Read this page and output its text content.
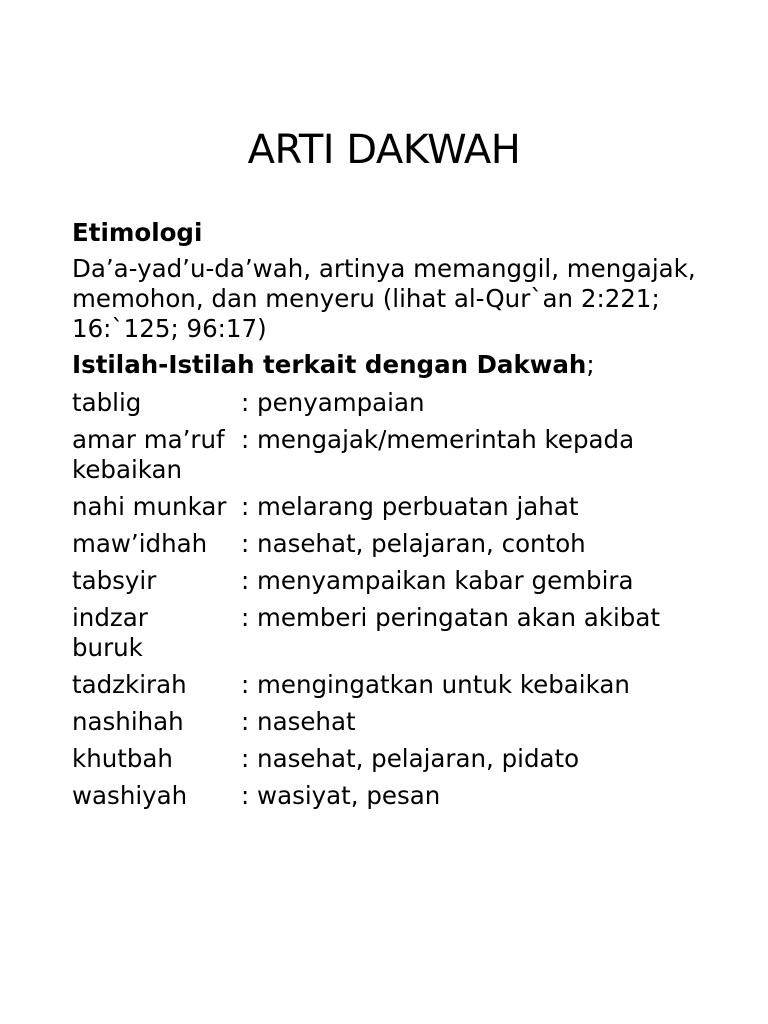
ARTI DAKWAH
Etimologi
Da’a-yad’u-da’wah, artinya memanggil, mengajak, memohon, dan menyeru (lihat al-Qur`an 2:221; 16:`125; 96:17)
Istilah-Istilah terkait dengan Dakwah;
tablig	: penyampaian
amar ma’ruf : mengajak/memerintah kepada
kebaikan
nahi munkar : melarang perbuatan jahat
maw’idhah	: nasehat, pelajaran, contoh
tabsyir	: menyampaikan kabar gembira
indzar	: memberi peringatan akan akibat
buruk
tadzkirah	: mengingatkan untuk kebaikan
nashihah	: nasehat
khutbah	: nasehat, pelajaran, pidato
washiyah	: wasiyat, pesan
